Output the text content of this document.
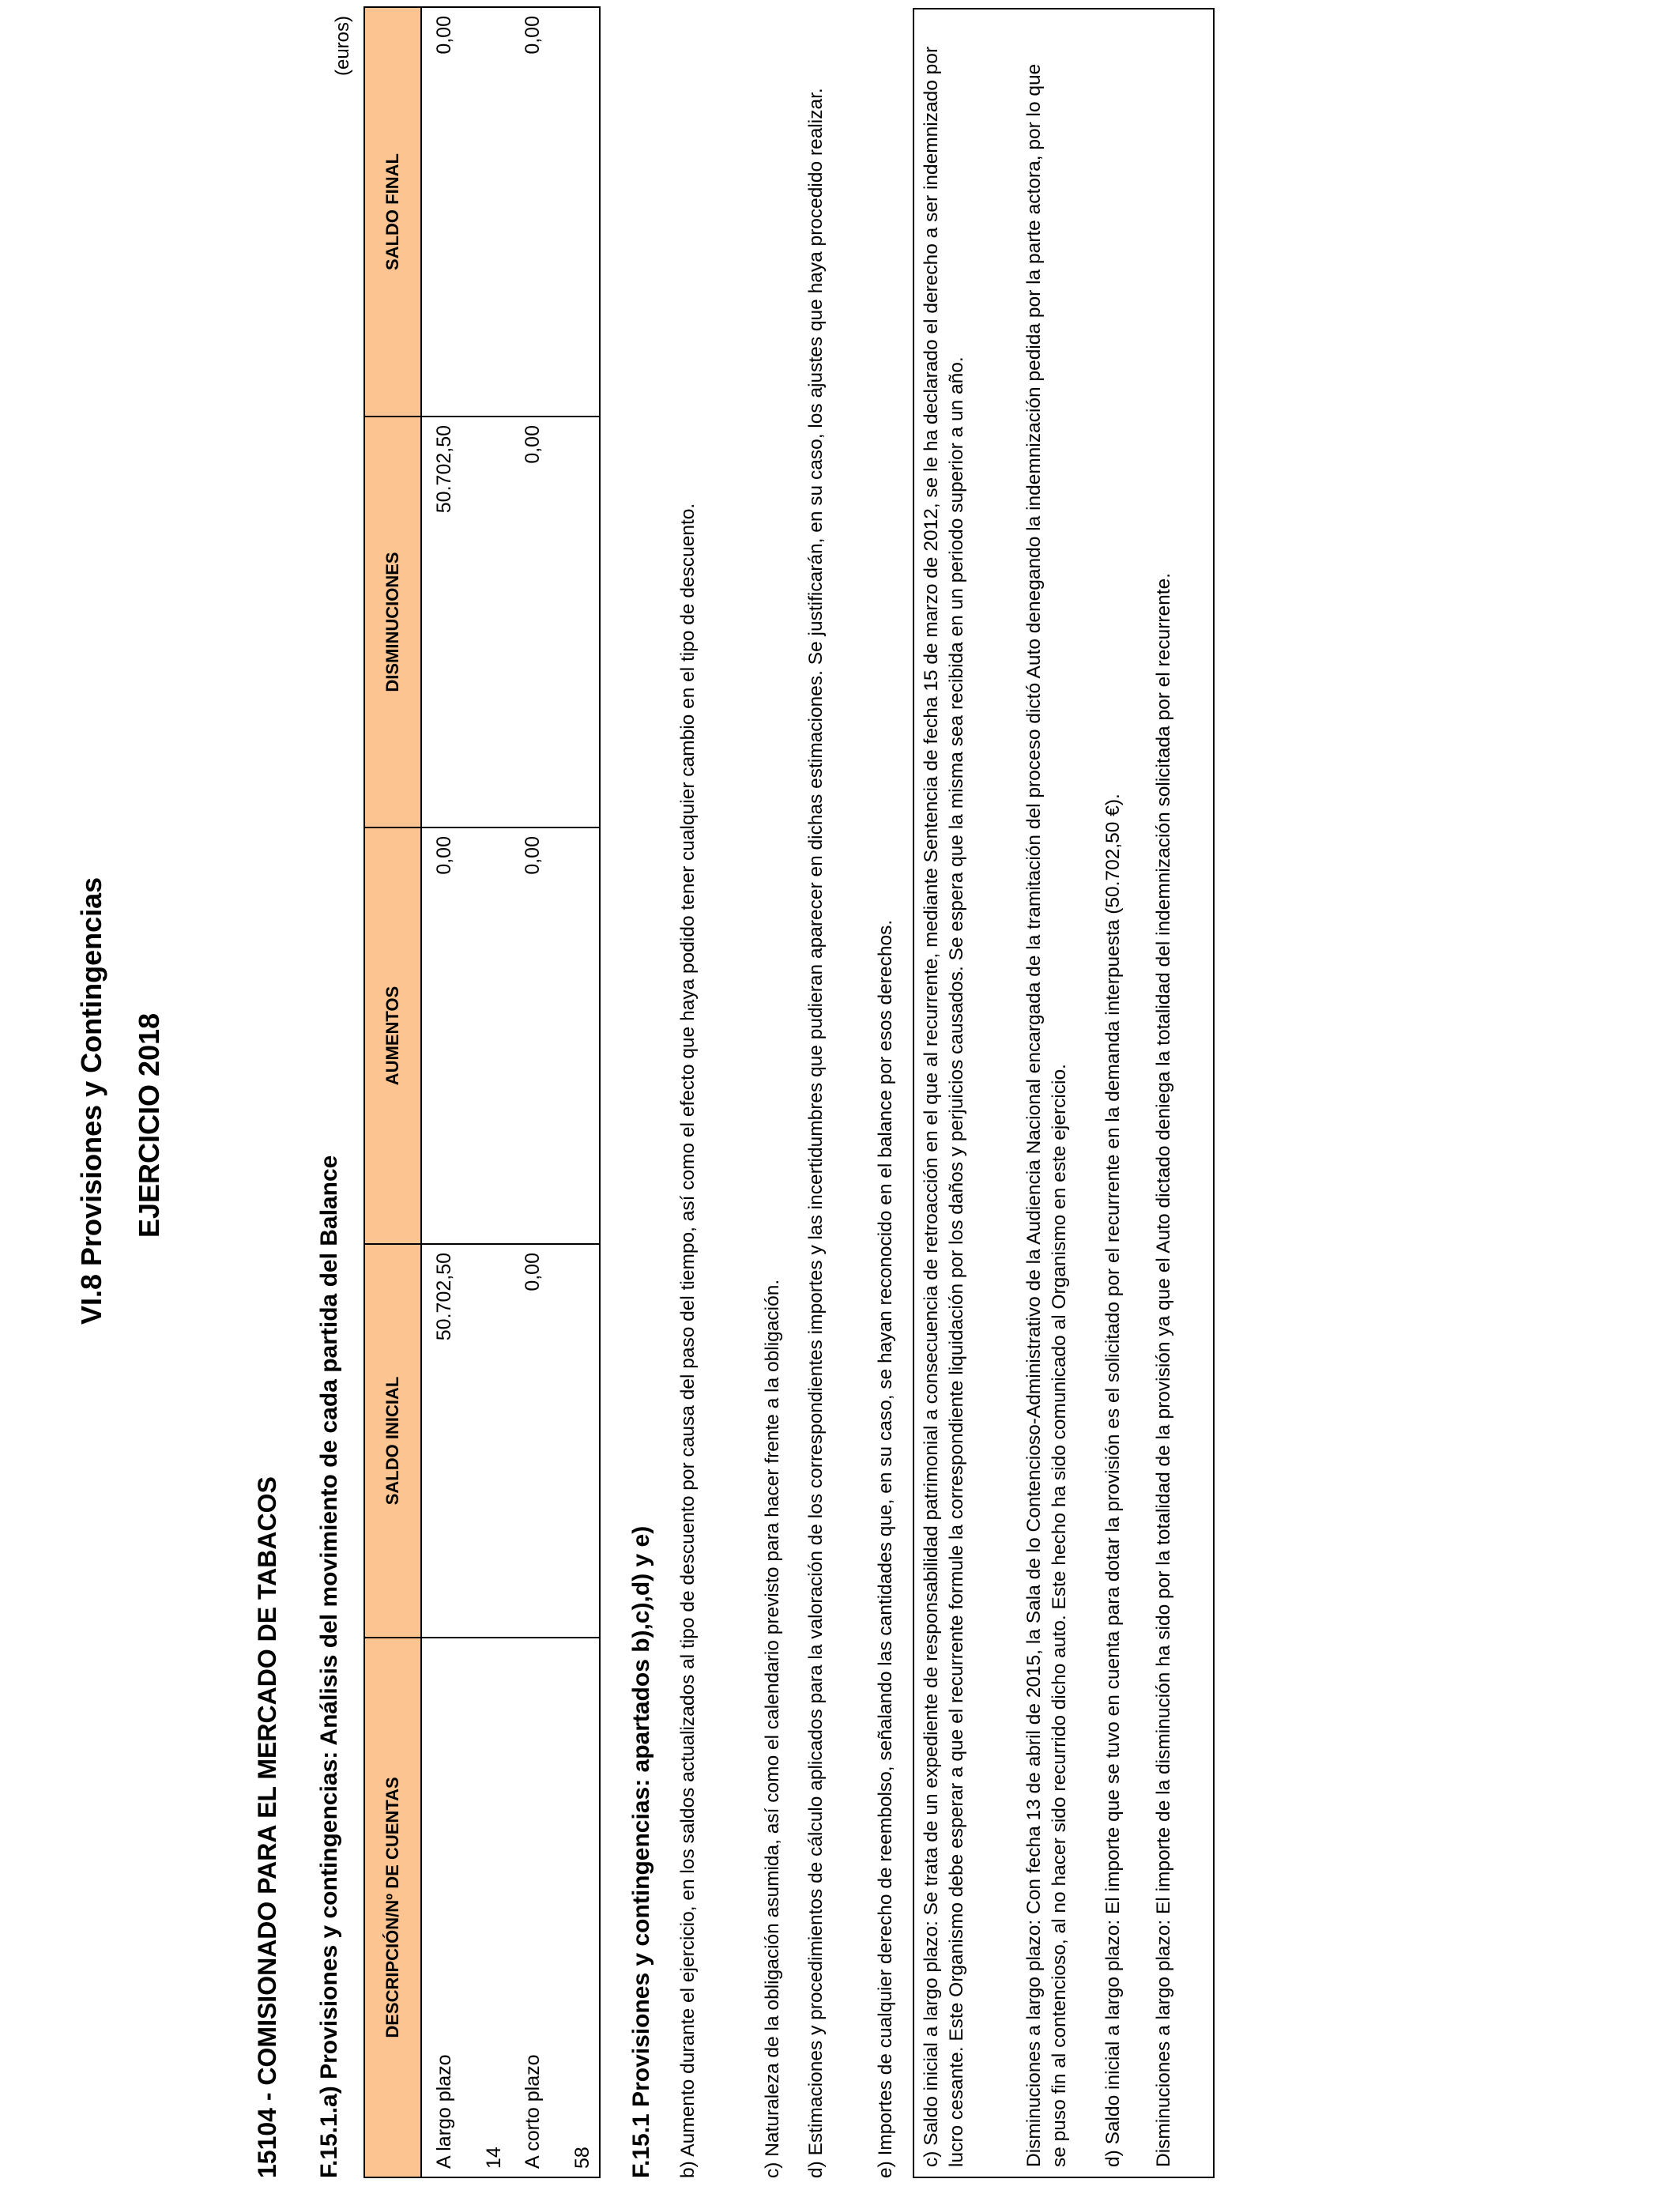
VI.8 Provisiones y Contingencias EJERCICIO 2018
15104 - COMISIONADO PARA EL MERCADO DE TABACOS F.15.1.a) Provisiones y contingencias: Análisis del movimiento de cada partida del Balance
(euros)
DESCRIPCIÓN/Nº DE CUENTAS	SALDO INICIAL	AUMENTOS	DISMINUCIONES	SALDO FINAL
A largo plazo 14	50.702,50	0,00	50.702,50	0,00
A corto plazo 58	0,00	0,00	0,00	0,00
F.15.1 Provisiones y contingencias: apartados b),c),d) y e) b) Aumento durante el ejercicio, en los saldos actualizados al tipo de descuento por causa del paso del tiempo, así como el efecto que haya podido tener cualquier cambio en el tipo de descuento.	c) Naturaleza de la obligación asumida, así como el calendario previsto para hacer frente a la obligación. d) Estimaciones y procedimientos de cálculo aplicados para la valoración de los correspondientes importes y las incertidumbres que pudieran aparecer en dichas estimaciones. Se justificarán, en su caso, los ajustes que haya procedido realizar. e) Importes de cualquier derecho de reembolso, señalando las cantidades que, en su caso, se hayan reconocido en el balance por esos derechos. c) Saldo inicial a largo plazo: Se trata de un expediente de responsabilidad patrimonial a consecuencia de retroacción en el que al recurrente, mediante Sentencia de fecha 15 de marzo de 2012, se le ha declarado el derecho a ser indemnizado por lucro cesante. Este Organismo debe esperar a que el recurrente formule la correspondiente liquidación por los daños y perjuicios causados. Se espera que la misma sea recibida en un periodo superior a un año.	Disminuciones a largo plazo: Con fecha 13 de abril de 2015, la Sala de lo Contencioso-Administrativo de la Audiencia Nacional encargada de la tramitación del proceso dictó Auto denegando la indemnización pedida por la parte actora, por lo que se puso fin al contencioso, al no hacer sido recurrido dicho auto. Este hecho ha sido comunicado al Organismo en este ejercicio. d) Saldo inicial a largo plazo: El importe que se tuvo en cuenta para dotar la provisión es el solicitado por el recurrente en la demanda interpuesta (50.702,50 €). Disminuciones a largo plazo: El importe de la disminución ha sido por la totalidad de la provisión ya que el Auto dictado deniega la totalidad del indemnización solicitada por el recurrente.
